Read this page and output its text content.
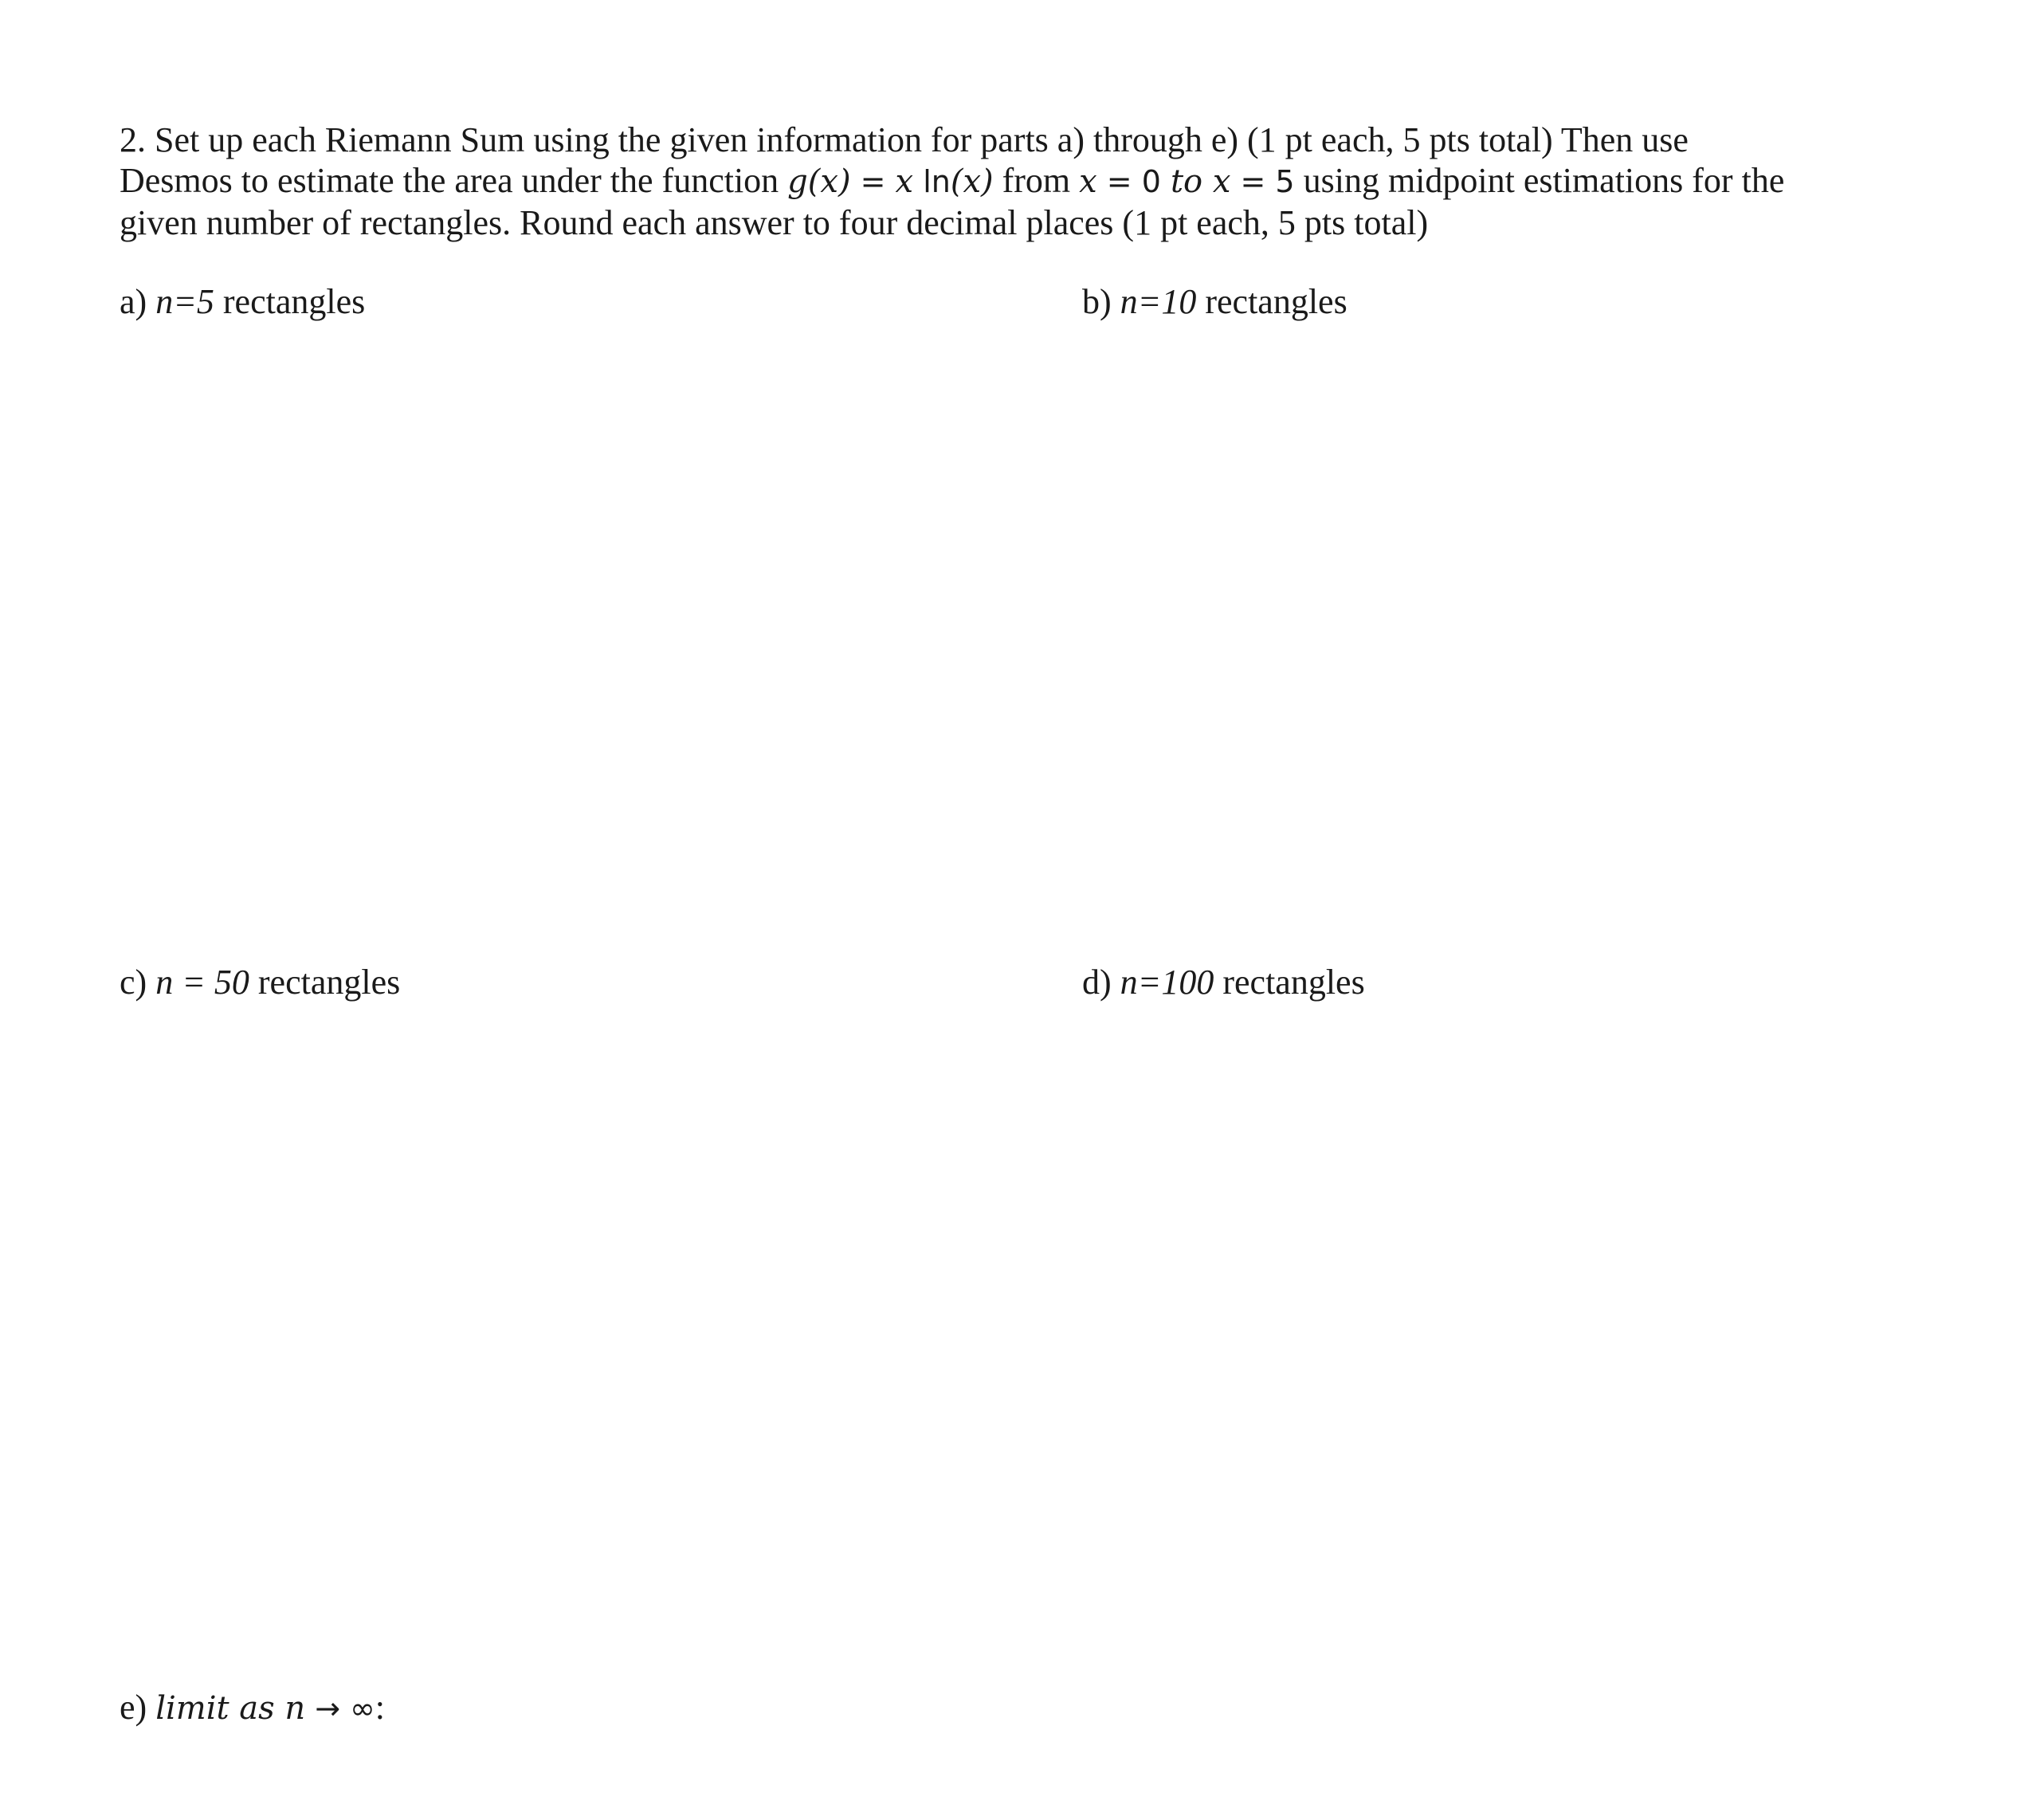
2. Set up each Riemann Sum using the given information for parts a) through e) (1 pt each, 5 pts total) Then use
Desmos to estimate the area under the function g(x) = x ln(x) from x = 0 to x = 5 using midpoint estimations for the
given number of rectangles. Round each answer to four decimal places (1 pt each, 5 pts total)
a) n=5 rectangles	b) n=10 rectangles
c) n = 50 rectangles	d) n=100 rectangles
e) limit as n → ∞:
